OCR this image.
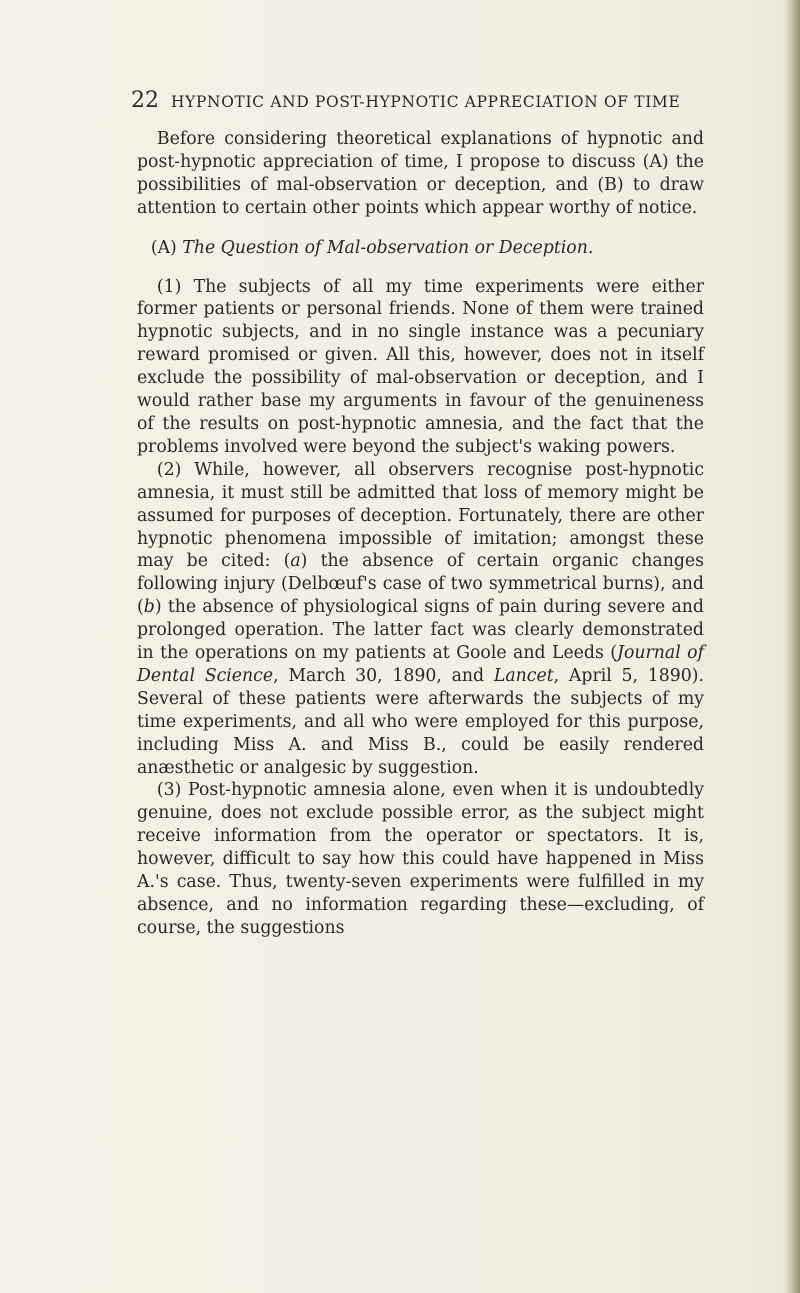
22 HYPNOTIC AND POST-HYPNOTIC APPRECIATION OF TIME

Before considering theoretical explanations of hypnotic and post-hypnotic appreciation of time, I propose to discuss (A) the possibilities of mal-observation or deception, and (B) to draw attention to certain other points which appear worthy of notice.

(A) The Question of Mal-observation or Deception.

(1) The subjects of all my time experiments were either former patients or personal friends. None of them were trained hypnotic subjects, and in no single instance was a pecuniary reward promised or given. All this, however, does not in itself exclude the possibility of mal-observation or deception, and I would rather base my arguments in favour of the genuineness of the results on post-hypnotic amnesia, and the fact that the problems involved were beyond the subject's waking powers.

(2) While, however, all observers recognise post-hypnotic amnesia, it must still be admitted that loss of memory might be assumed for purposes of deception. Fortunately, there are other hypnotic phenomena impossible of imitation; amongst these may be cited: (a) the absence of certain organic changes following injury (Delbœuf's case of two symmetrical burns), and (b) the absence of physiological signs of pain during severe and prolonged operation. The latter fact was clearly demonstrated in the operations on my patients at Goole and Leeds (Journal of Dental Science, March 30, 1890, and Lancet, April 5, 1890). Several of these patients were afterwards the subjects of my time experiments, and all who were employed for this purpose, including Miss A. and Miss B., could be easily rendered anæsthetic or analgesic by suggestion.

(3) Post-hypnotic amnesia alone, even when it is undoubtedly genuine, does not exclude possible error, as the subject might receive information from the operator or spectators. It is, however, difficult to say how this could have happened in Miss A.'s case. Thus, twenty-seven experiments were fulfilled in my absence, and no information regarding these—excluding, of course, the suggestions
